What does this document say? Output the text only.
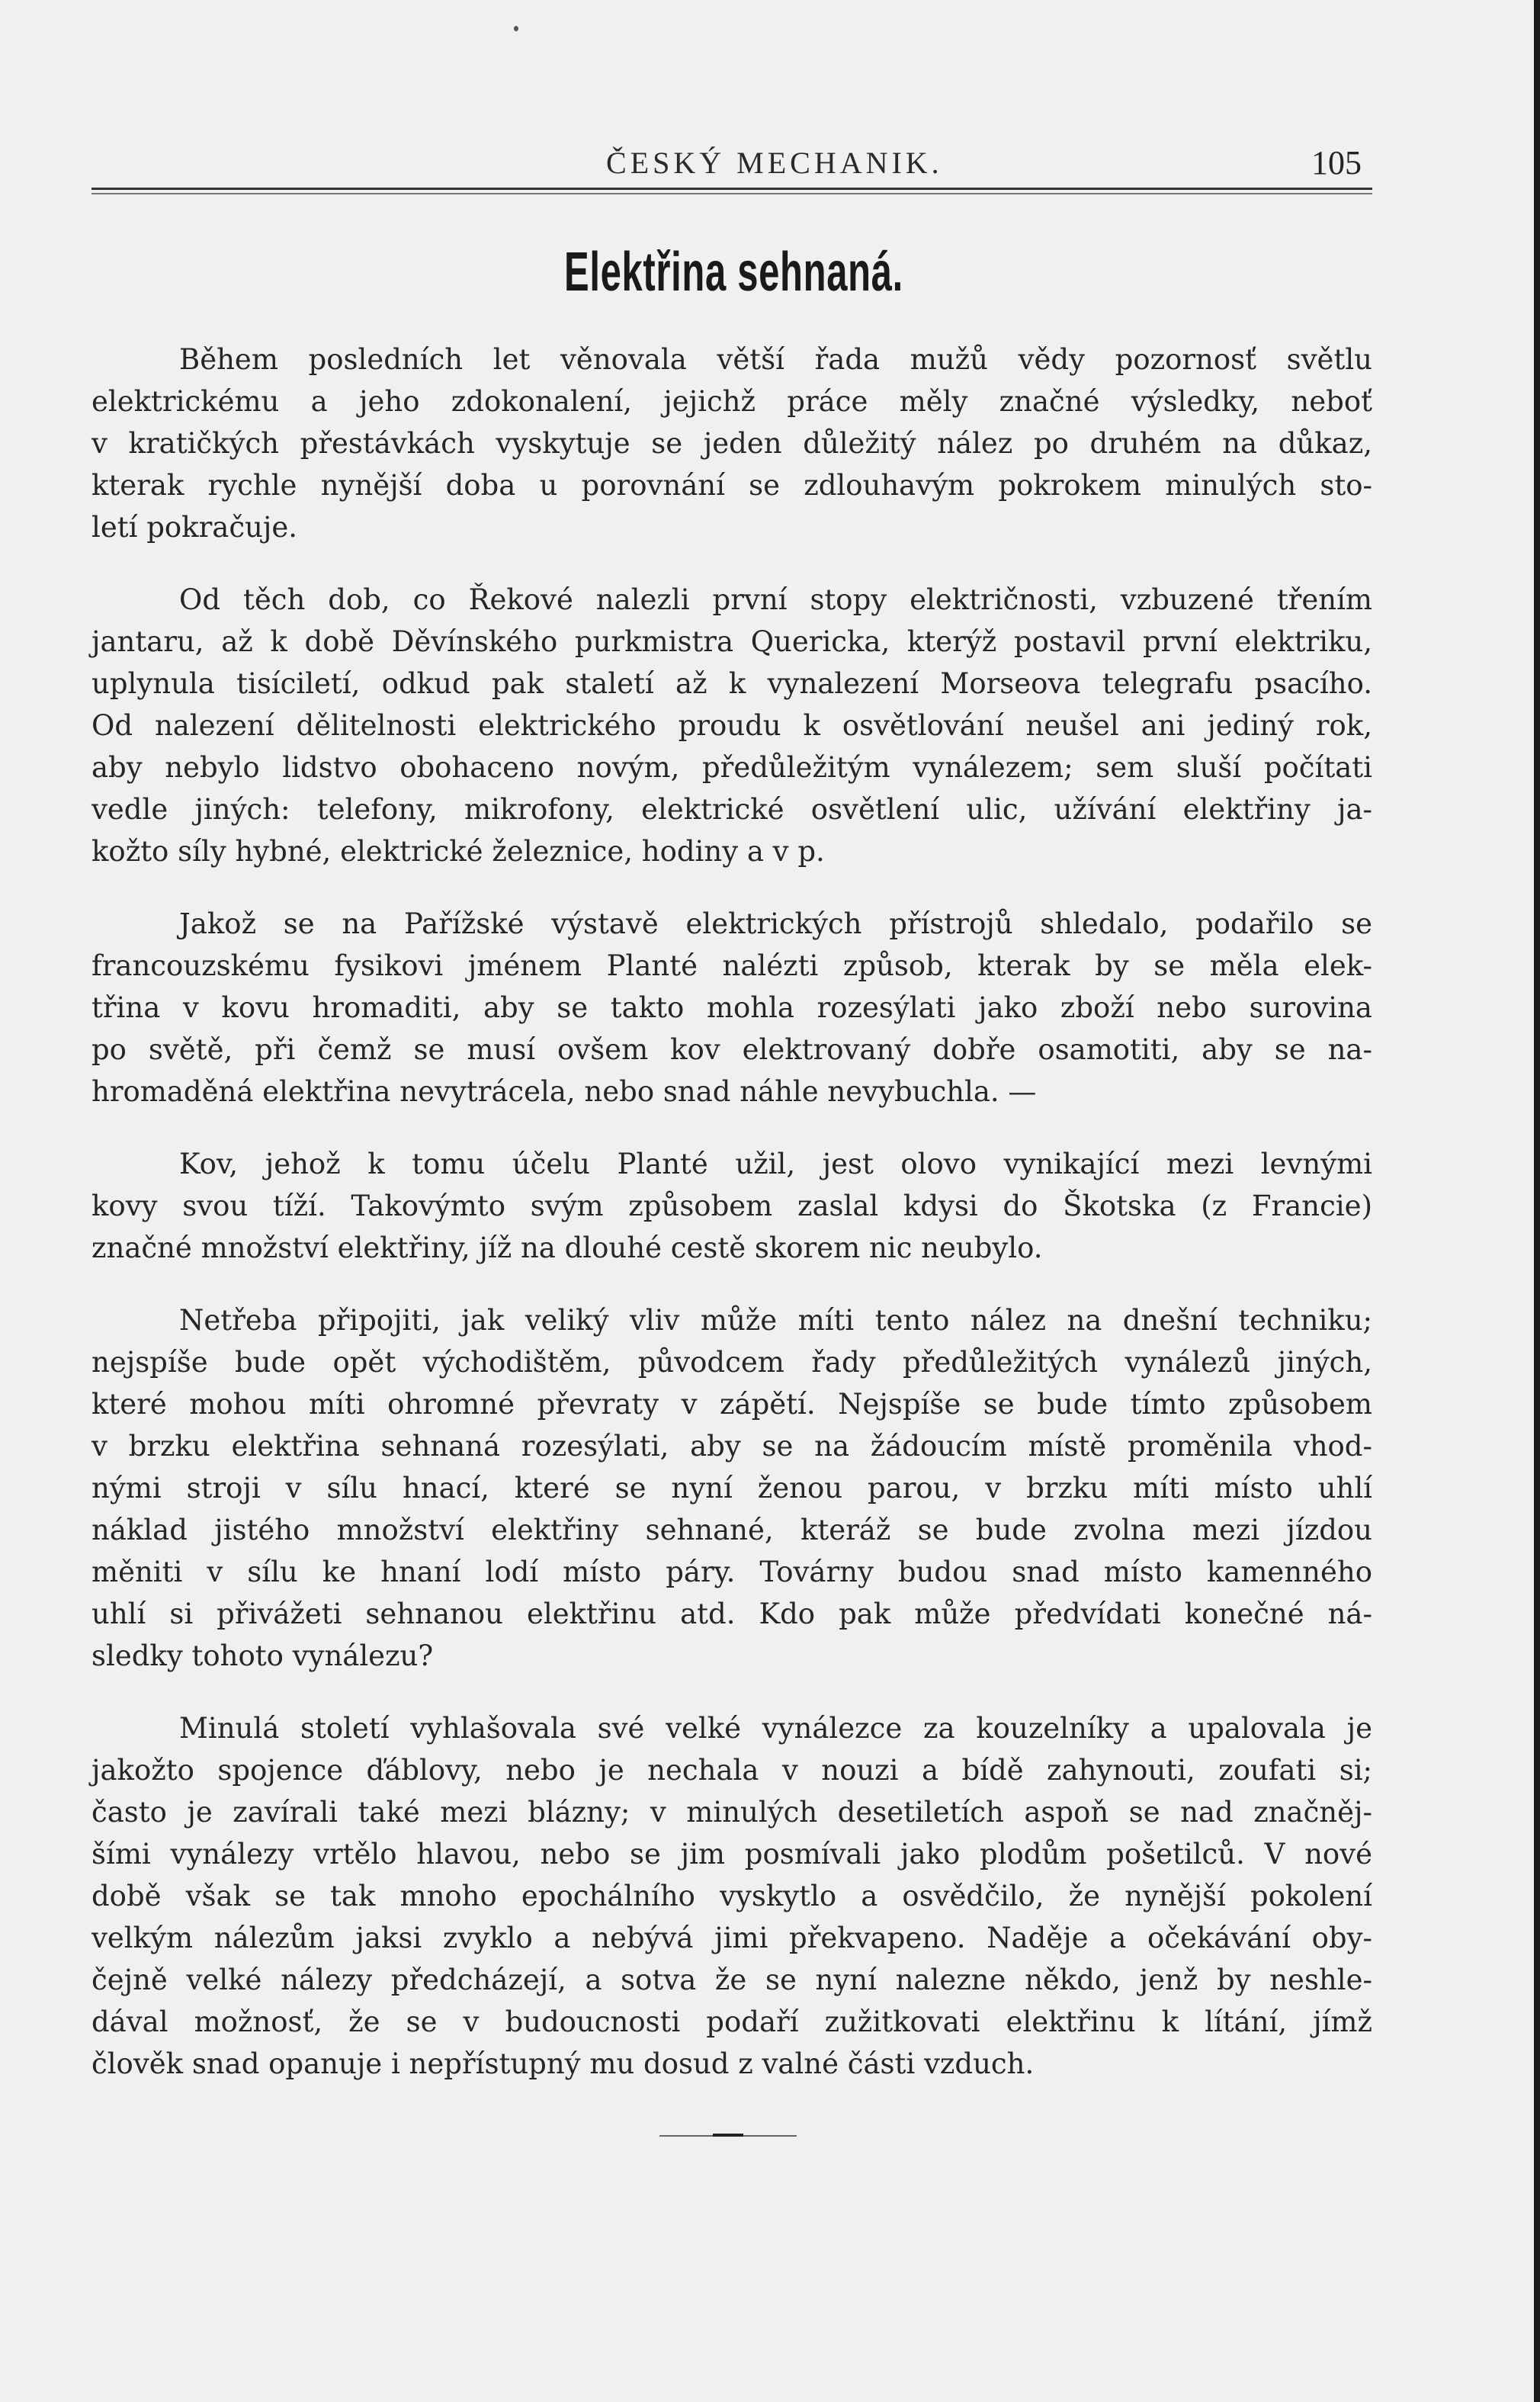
ČESKÝ MECHANIK.	105
Elektřina sehnaná.
Během posledních let věnovala větší řada mužů vědy pozornosť světlu
elektrickému a jeho zdokonalení, jejichž práce měly značné výsledky, neboť
v kratičkých přestávkách vyskytuje se jeden důležitý nález po druhém na důkaz,
kterak rychle nynější doba u porovnání se zdlouhavým pokrokem minulých sto-
letí pokračuje.
Od těch dob, co Řekové nalezli první stopy električnosti, vzbuzené třením
jantaru, až k době Děvínského purkmistra Quericka, kterýž postavil první elektriku,
uplynula tisíciletí, odkud pak staletí až k vynalezení Morseova telegrafu psacího.
Od nalezení dělitelnosti elektrického proudu k osvětlování neušel ani jediný rok,
aby nebylo lidstvo obohaceno novým, předůležitým vynálezem; sem sluší počítati
vedle jiných: telefony, mikrofony, elektrické osvětlení ulic, užívání elektřiny ja-
kožto síly hybné, elektrické železnice, hodiny a v p.
Jakož se na Pařížské výstavě elektrických přístrojů shledalo, podařilo se
francouzskému fysikovi jménem Planté nalézti způsob, kterak by se měla elek-
třina v kovu hromaditi, aby se takto mohla rozesýlati jako zboží nebo surovina
po světě, při čemž se musí ovšem kov elektrovaný dobře osamotiti, aby se na-
hromaděná elektřina nevytrácela, nebo snad náhle nevybuchla. —
Kov, jehož k tomu účelu Planté užil, jest olovo vynikající mezi levnými
kovy svou tíží. Takovýmto svým způsobem zaslal kdysi do Škotska (z Francie)
značné množství elektřiny, jíž na dlouhé cestě skorem nic neubylo.
Netřeba připojiti, jak veliký vliv může míti tento nález na dnešní techniku;
nejspíše bude opět východištěm, původcem řady předůležitých vynálezů jiných,
které mohou míti ohromné převraty v zápětí. Nejspíše se bude tímto způsobem
v brzku elektřina sehnaná rozesýlati, aby se na žádoucím místě proměnila vhod-
nými stroji v sílu hnací, které se nyní ženou parou, v brzku míti místo uhlí
náklad jistého množství elektřiny sehnané, kteráž se bude zvolna mezi jízdou
měniti v sílu ke hnaní lodí místo páry. Továrny budou snad místo kamenného
uhlí si přivážeti sehnanou elektřinu atd. Kdo pak může předvídati konečné ná-
sledky tohoto vynálezu?
Minulá století vyhlašovala své velké vynálezce za kouzelníky a upalovala je
jakožto spojence ďáblovy, nebo je nechala v nouzi a bídě zahynouti, zoufati si;
často je zavírali také mezi blázny; v minulých desetiletích aspoň se nad značněj-
šími vynálezy vrtělo hlavou, nebo se jim posmívali jako plodům pošetilců. V nové
době však se tak mnoho epochálního vyskytlo a osvědčilo, že nynější pokolení
velkým nálezům jaksi zvyklo a nebývá jimi překvapeno. Naděje a očekávání oby-
čejně velké nálezy předcházejí, a sotva že se nyní nalezne někdo, jenž by neshle-
dával možnosť, že se v budoucnosti podaří zužitkovati elektřinu k lítání, jímž
člověk snad opanuje i nepřístupný mu dosud z valné části vzduch.
